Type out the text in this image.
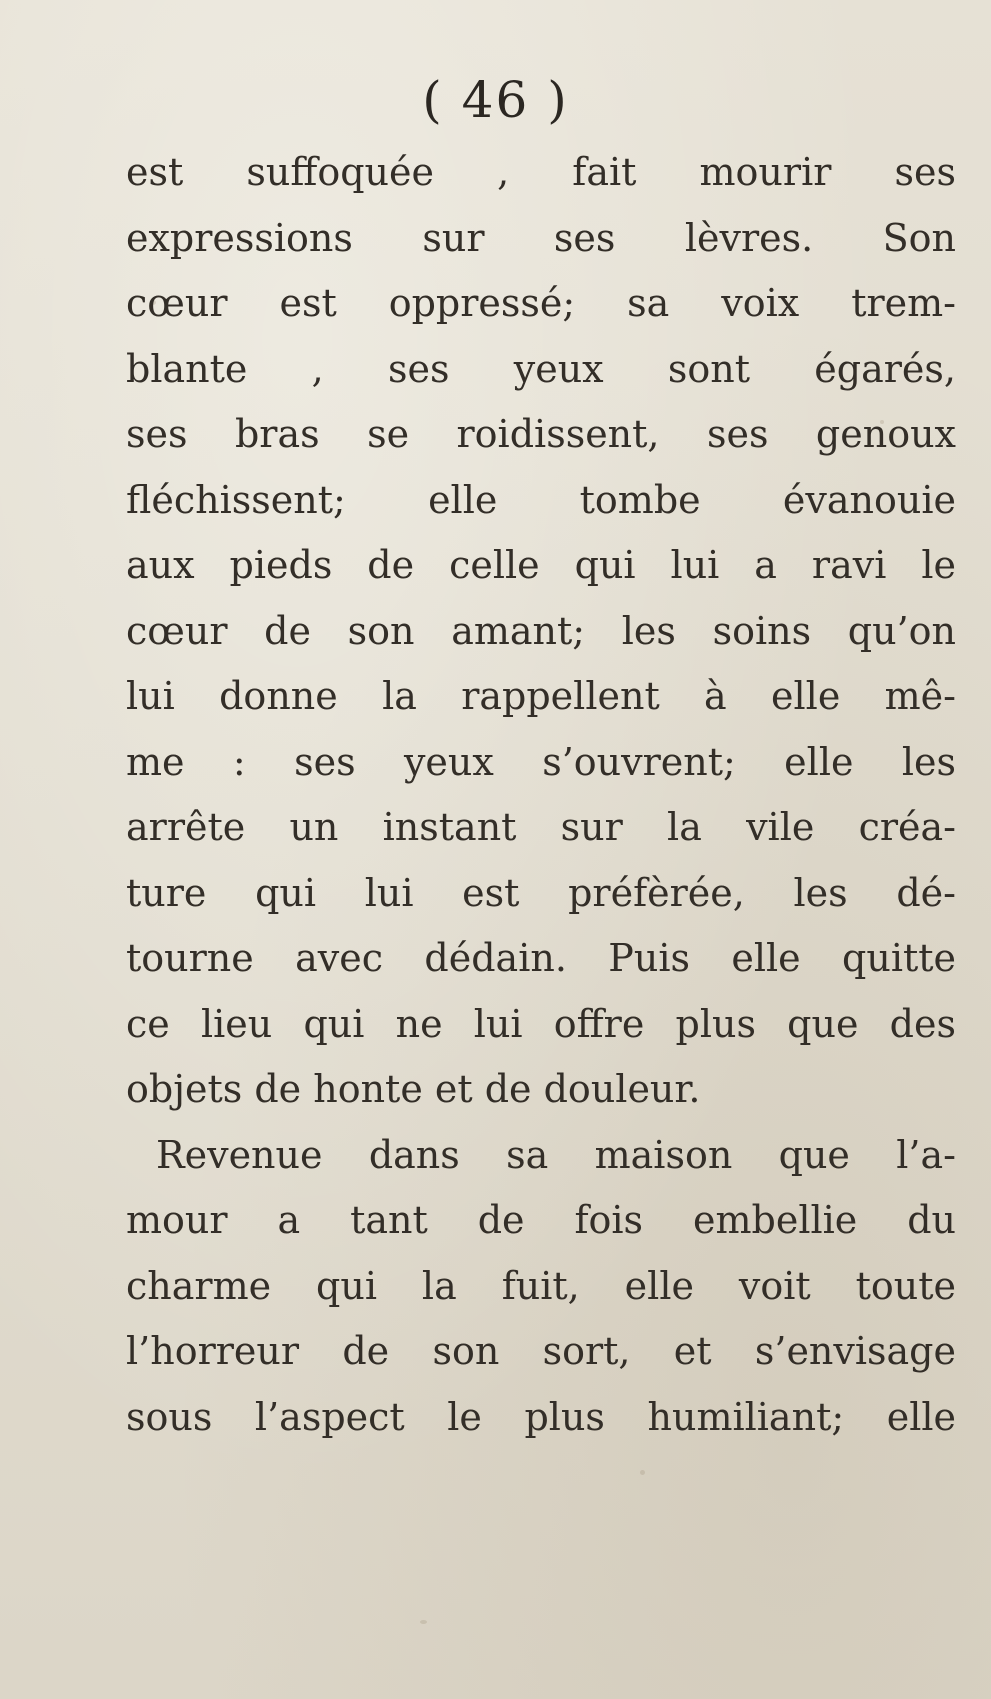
( 46 )
est suffoquée , fait mourir ses
expressions sur ses lèvres. Son
cœur est oppressé; sa voix trem-
blante , ses yeux sont égarés,
ses bras se roidissent, ses genoux
fléchissent; elle tombe évanouie
aux pieds de celle qui lui a ravi le
cœur de son amant; les soins qu’on
lui donne la rappellent à elle mê-
me : ses yeux s’ouvrent; elle les
arrête un instant sur la vile créa-
ture qui lui est préfèrée, les dé-
tourne avec dédain. Puis elle quitte
ce lieu qui ne lui offre plus que des
objets de honte et de douleur.
Revenue dans sa maison que l’a-
mour a tant de fois embellie du
charme qui la fuit, elle voit toute
l’horreur de son sort, et s’envisage
sous l’aspect le plus humiliant; elle
